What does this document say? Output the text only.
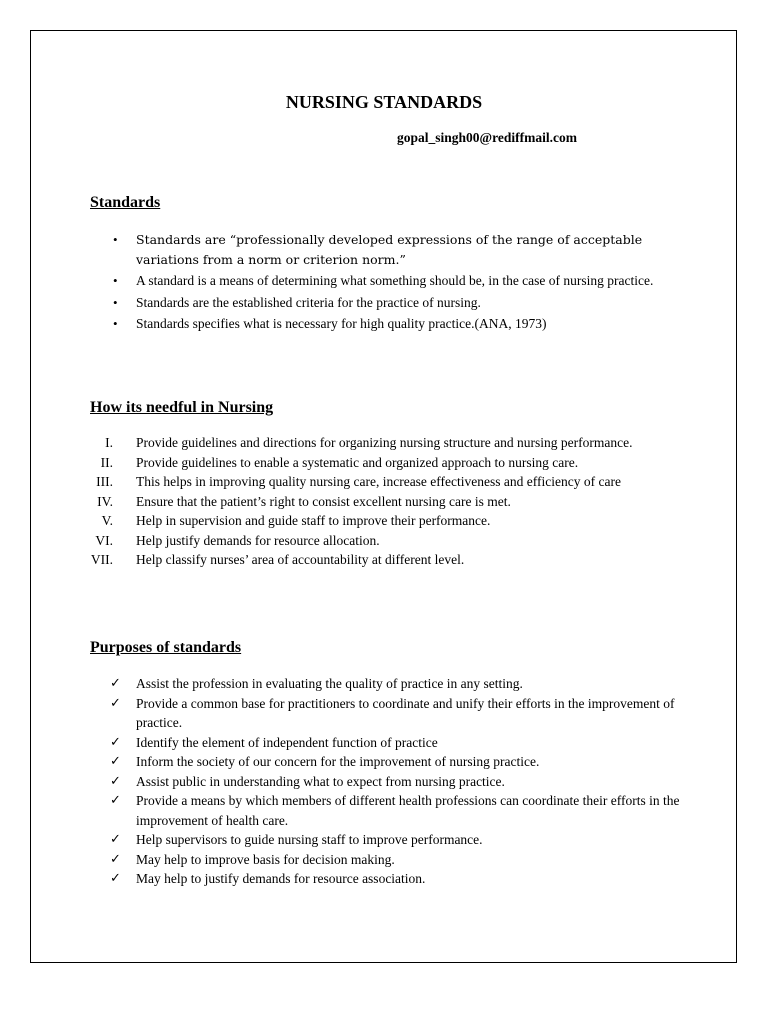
NURSING STANDARDS
gopal_singh00@rediffmail.com
Standards
• Standards are “professionally developed expressions of the range of acceptable variations from a norm or criterion norm.”
• A standard is a means of determining what something should be, in the case of nursing practice.
• Standards are the established criteria for the practice of nursing.
• Standards specifies what is necessary for high quality practice.(ANA, 1973)
How its needful in Nursing
I. Provide guidelines and directions for organizing nursing structure and nursing performance.
II. Provide guidelines to enable a systematic and organized approach to nursing care.
III. This helps in improving quality nursing care, increase effectiveness and efficiency of care
IV. Ensure that the patient’s right to consist excellent nursing care is met.
V. Help in supervision and guide staff to improve their performance.
VI. Help justify demands for resource allocation.
VII. Help classify nurses’ area of accountability at different level.
Purposes of standards
✓ Assist the profession in evaluating the quality of practice in any setting.
✓ Provide a common base for practitioners to coordinate and unify their efforts in the improvement of practice.
✓ Identify the element of independent function of practice
✓ Inform the society of our concern for the improvement of nursing practice.
✓ Assist public in understanding what to expect from nursing practice.
✓ Provide a means by which members of different health professions can coordinate their efforts in the improvement of health care.
✓ Help supervisors to guide nursing staff to improve performance.
✓ May help to improve basis for decision making.
✓ May help to justify demands for resource association.
